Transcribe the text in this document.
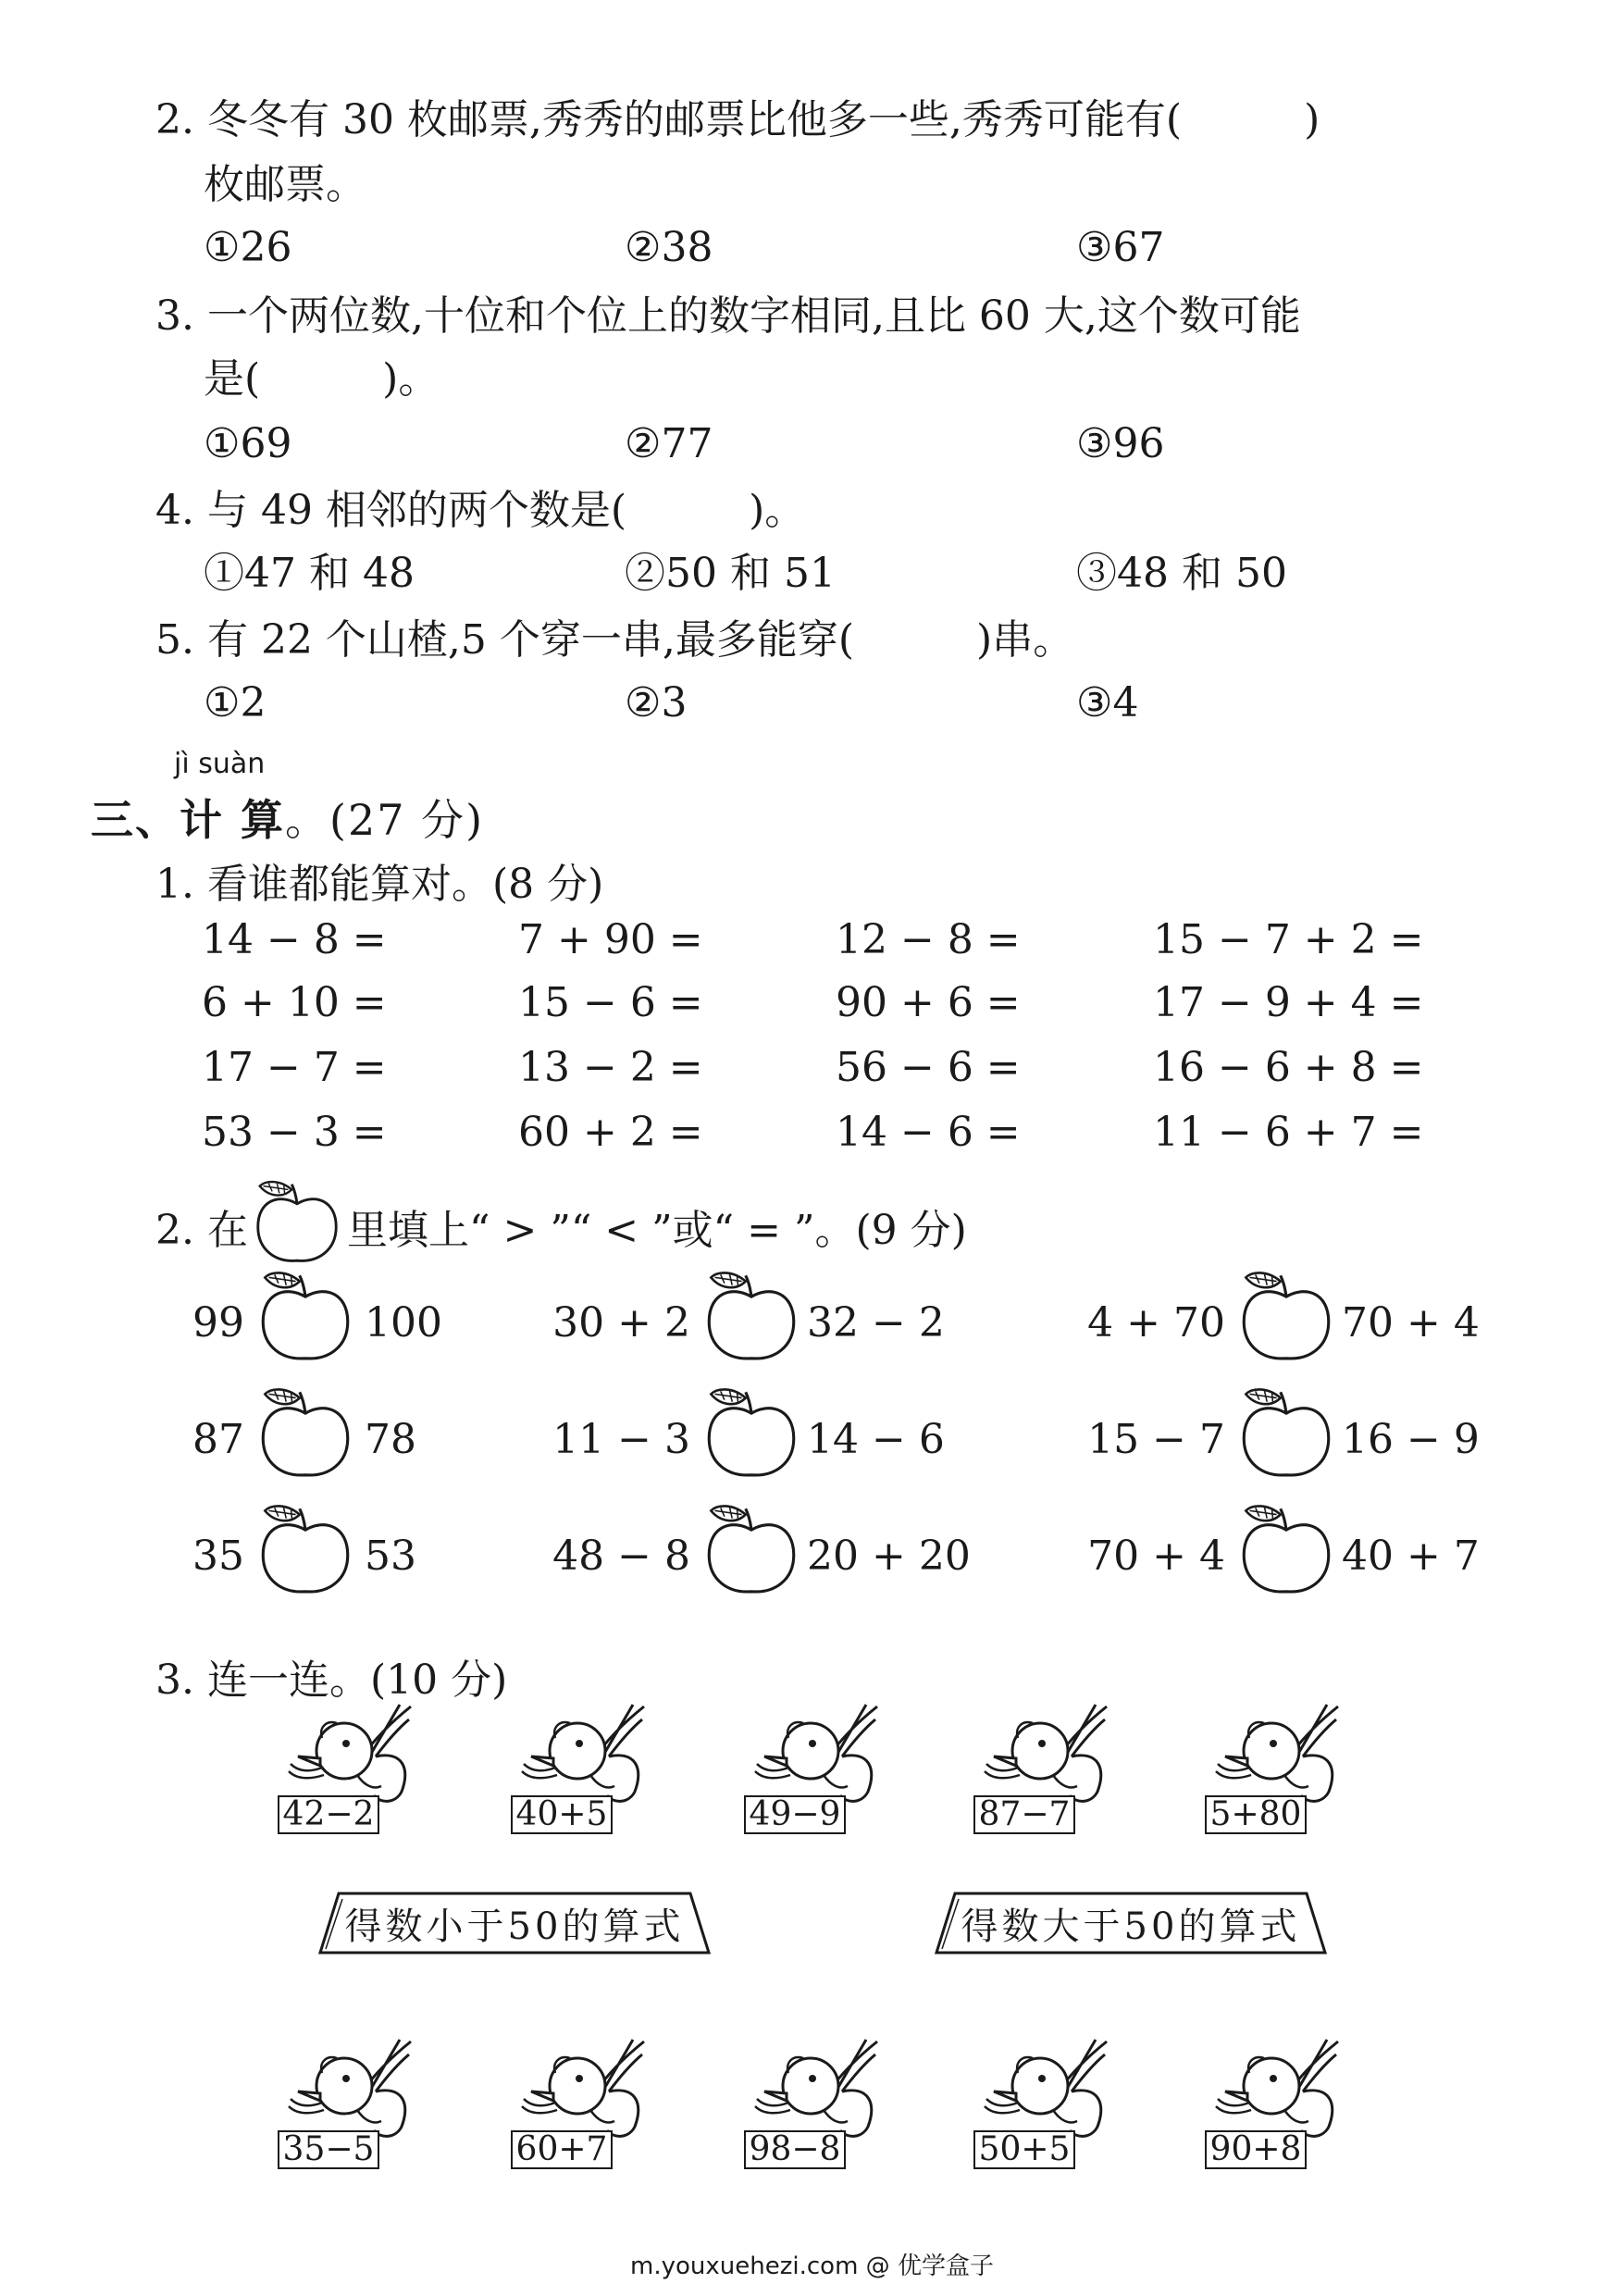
2. 冬冬有 30 枚邮票,秀秀的邮票比他多一些,秀秀可能有(　　　)
枚邮票。
①26	②38	③67
3. 一个两位数,十位和个位上的数字相同,且比 60 大,这个数可能
是(　　　)。
①69	②77	③96
4. 与 49 相邻的两个数是(　　　)。
①47 和 48	②50 和 51	③48 和 50
5. 有 22 个山楂,5 个穿一串,最多能穿(　　　)串。
①2	②3	③4
jì suàn
三、计 算。(27 分)
1. 看谁都能算对。(8 分)
14 − 8 =	7 + 90 =	12 − 8 =	15 − 7 + 2 =
6 + 10 =	15 − 6 =	90 + 6 =	17 − 9 + 4 =
17 − 7 =	13 − 2 =	56 − 6 =	16 − 6 + 8 =
53 − 3 =	60 + 2 =	14 − 6 =	11 − 6 + 7 =
2. 在 里填上“ > ”“ < ”或“ = ”。(9 分)
99	100	30 + 2	32 − 2	4 + 70	70 + 4
87	78	11 − 3	14 − 6	15 − 7	16 − 9
35	53	48 − 8	20 + 20	70 + 4	40 + 7
3. 连一连。(10 分)
42−2	40+5	49−9	87−7	5+80
得数小于50的算式	得数大于50的算式
35−5	60+7	98−8	50+5	90+8
m.youxuehezi.com @ 优学盒子
